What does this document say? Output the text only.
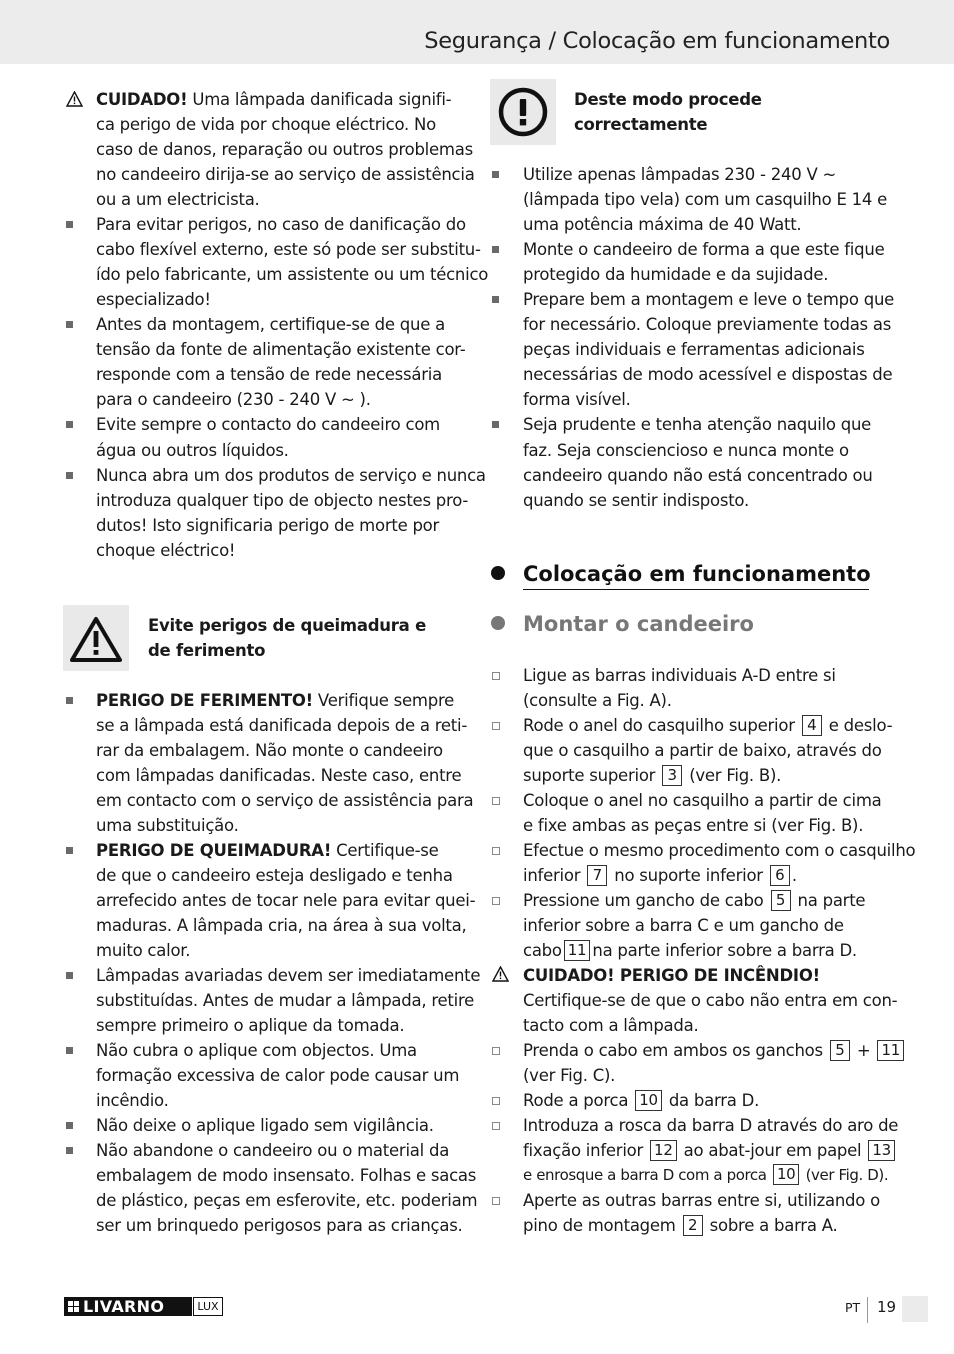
Segurança / Colocação em funcionamento
CUIDADO! Uma lâmpada danificada signifi-
ca perigo de vida por choque eléctrico. No
caso de danos, reparação ou outros problemas
no candeeiro dirija-se ao serviço de assistência
ou a um electricista.
Para evitar perigos, no caso de danificação do
cabo flexível externo, este só pode ser substitu-
ído pelo fabricante, um assistente ou um técnico
especializado!
Antes da montagem, certifique-se de que a
tensão da fonte de alimentação existente cor-
responde com a tensão de rede necessária
para o candeeiro (230 - 240 V ~ ).
Evite sempre o contacto do candeeiro com
água ou outros líquidos.
Nunca abra um dos produtos de serviço e nunca
introduza qualquer tipo de objecto nestes pro-
dutos! Isto significaria perigo de morte por
choque eléctrico!
Evite perigos de queimadura e
de ferimento
PERIGO DE FERIMENTO! Verifique sempre
se a lâmpada está danificada depois de a reti-
rar da embalagem. Não monte o candeeiro
com lâmpadas danificadas. Neste caso, entre
em contacto com o serviço de assistência para
uma substituição.
PERIGO DE QUEIMADURA! Certifique-se
de que o candeeiro esteja desligado e tenha
arrefecido antes de tocar nele para evitar quei-
maduras. A lâmpada cria, na área à sua volta,
muito calor.
Lâmpadas avariadas devem ser imediatamente
substituídas. Antes de mudar a lâmpada, retire
sempre primeiro o aplique da tomada.
Não cubra o aplique com objectos. Uma
formação excessiva de calor pode causar um
incêndio.
Não deixe o aplique ligado sem vigilância.
Não abandone o candeeiro ou o material da
embalagem de modo insensato. Folhas e sacas
de plástico, peças em esferovite, etc. poderiam
ser um brinquedo perigosos para as crianças.
Deste modo procede
correctamente
Utilize apenas lâmpadas 230 - 240 V ~
(lâmpada tipo vela) com um casquilho E 14 e
uma potência máxima de 40 Watt.
Monte o candeeiro de forma a que este fique
protegido da humidade e da sujidade.
Prepare bem a montagem e leve o tempo que
for necessário. Coloque previamente todas as
peças individuais e ferramentas adicionais
necessárias de modo acessível e dispostas de
forma visível.
Seja prudente e tenha atenção naquilo que
faz. Seja consciencioso e nunca monte o
candeeiro quando não está concentrado ou
quando se sentir indisposto.
Colocação em funcionamento
Montar o candeeiro
Ligue as barras individuais A-D entre si
(consulte a Fig. A).
Rode o anel do casquilho superior 4 e deslo-
que o casquilho a partir de baixo, através do
suporte superior 3 (ver Fig. B).
Coloque o anel no casquilho a partir de cima
e fixe ambas as peças entre si (ver Fig. B).
Efectue o mesmo procedimento com o casquilho
inferior 7 no suporte inferior 6 .
Pressione um gancho de cabo 5 na parte
inferior sobre a barra C e um gancho de
cabo 11 na parte inferior sobre a barra D.
CUIDADO! PERIGO DE INCÊNDIO!
Certifique-se de que o cabo não entra em con-
tacto com a lâmpada.
Prenda o cabo em ambos os ganchos 5 + 11
(ver Fig. C).
Rode a porca 10 da barra D.
Introduza a rosca da barra D através do aro de
fixação inferior 12 ao abat-jour em papel 13
e enrosque a barra D com a porca 10 (ver Fig. D).
Aperte as outras barras entre si, utilizando o
pino de montagem 2 sobre a barra A.
LIVARNO	LUX	PT 19
